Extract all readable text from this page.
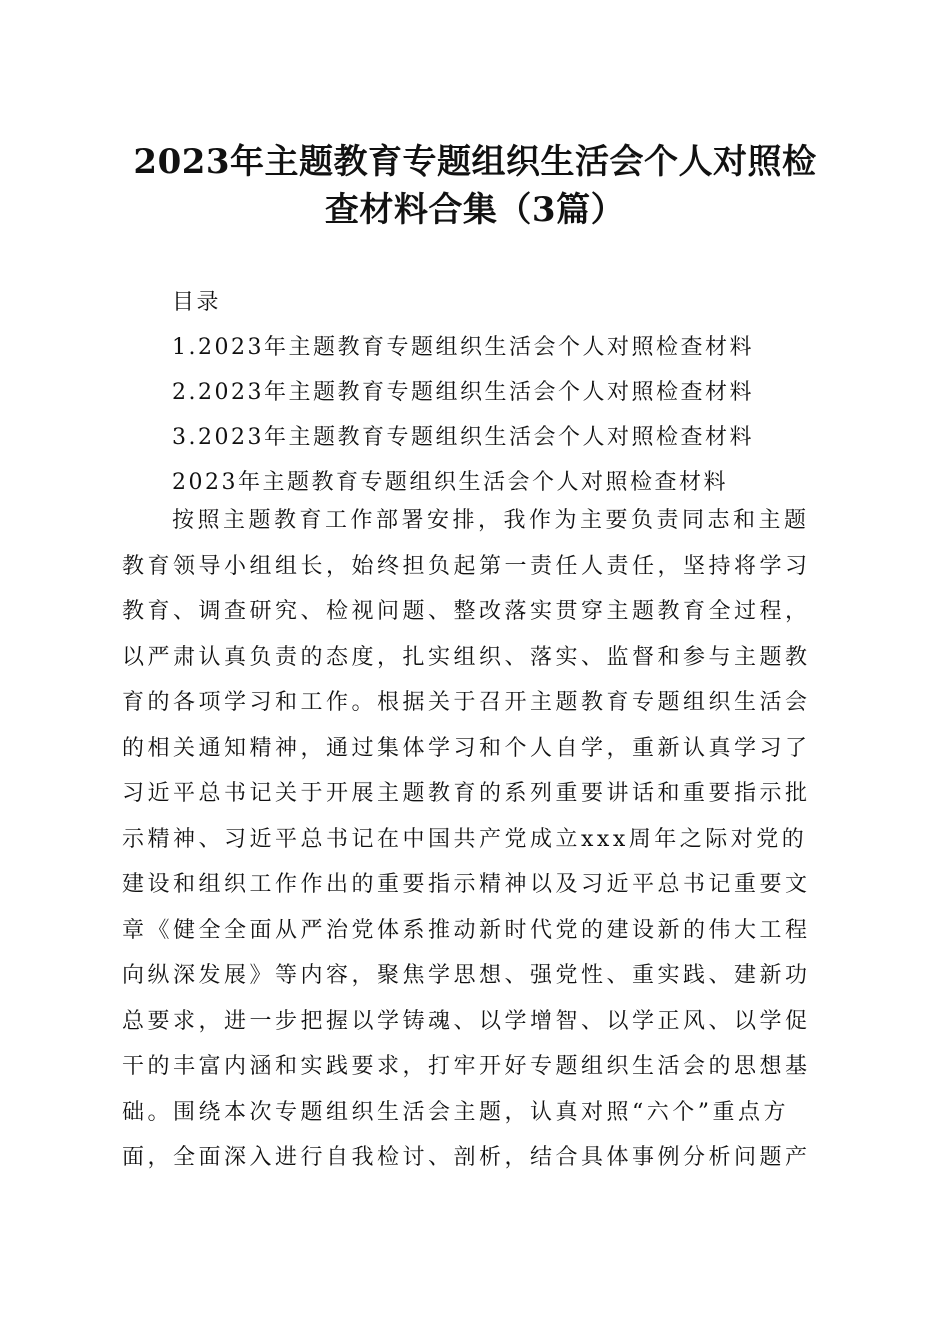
2023年主题教育专题组织生活会个人对照检
查材料合集（3篇）
目录
1.2023年主题教育专题组织生活会个人对照检查材料
2.2023年主题教育专题组织生活会个人对照检查材料
3.2023年主题教育专题组织生活会个人对照检查材料
2023年主题教育专题组织生活会个人对照检查材料
按照主题教育工作部署安排，我作为主要负责同志和主题
教育领导小组组长，始终担负起第一责任人责任，坚持将学习
教育、调查研究、检视问题、整改落实贯穿主题教育全过程，
以严肃认真负责的态度，扎实组织、落实、监督和参与主题教
育的各项学习和工作。根据关于召开主题教育专题组织生活会
的相关通知精神，通过集体学习和个人自学，重新认真学习了
习近平总书记关于开展主题教育的系列重要讲话和重要指示批
示精神、习近平总书记在中国共产党成立xxx周年之际对党的
建设和组织工作作出的重要指示精神以及习近平总书记重要文
章《健全全面从严治党体系推动新时代党的建设新的伟大工程
向纵深发展》等内容，聚焦学思想、强党性、重实践、建新功
总要求，进一步把握以学铸魂、以学增智、以学正风、以学促
干的丰富内涵和实践要求，打牢开好专题组织生活会的思想基
础。围绕本次专题组织生活会主题，认真对照“六个”重点方
面，全面深入进行自我检讨、剖析，结合具体事例分析问题产
